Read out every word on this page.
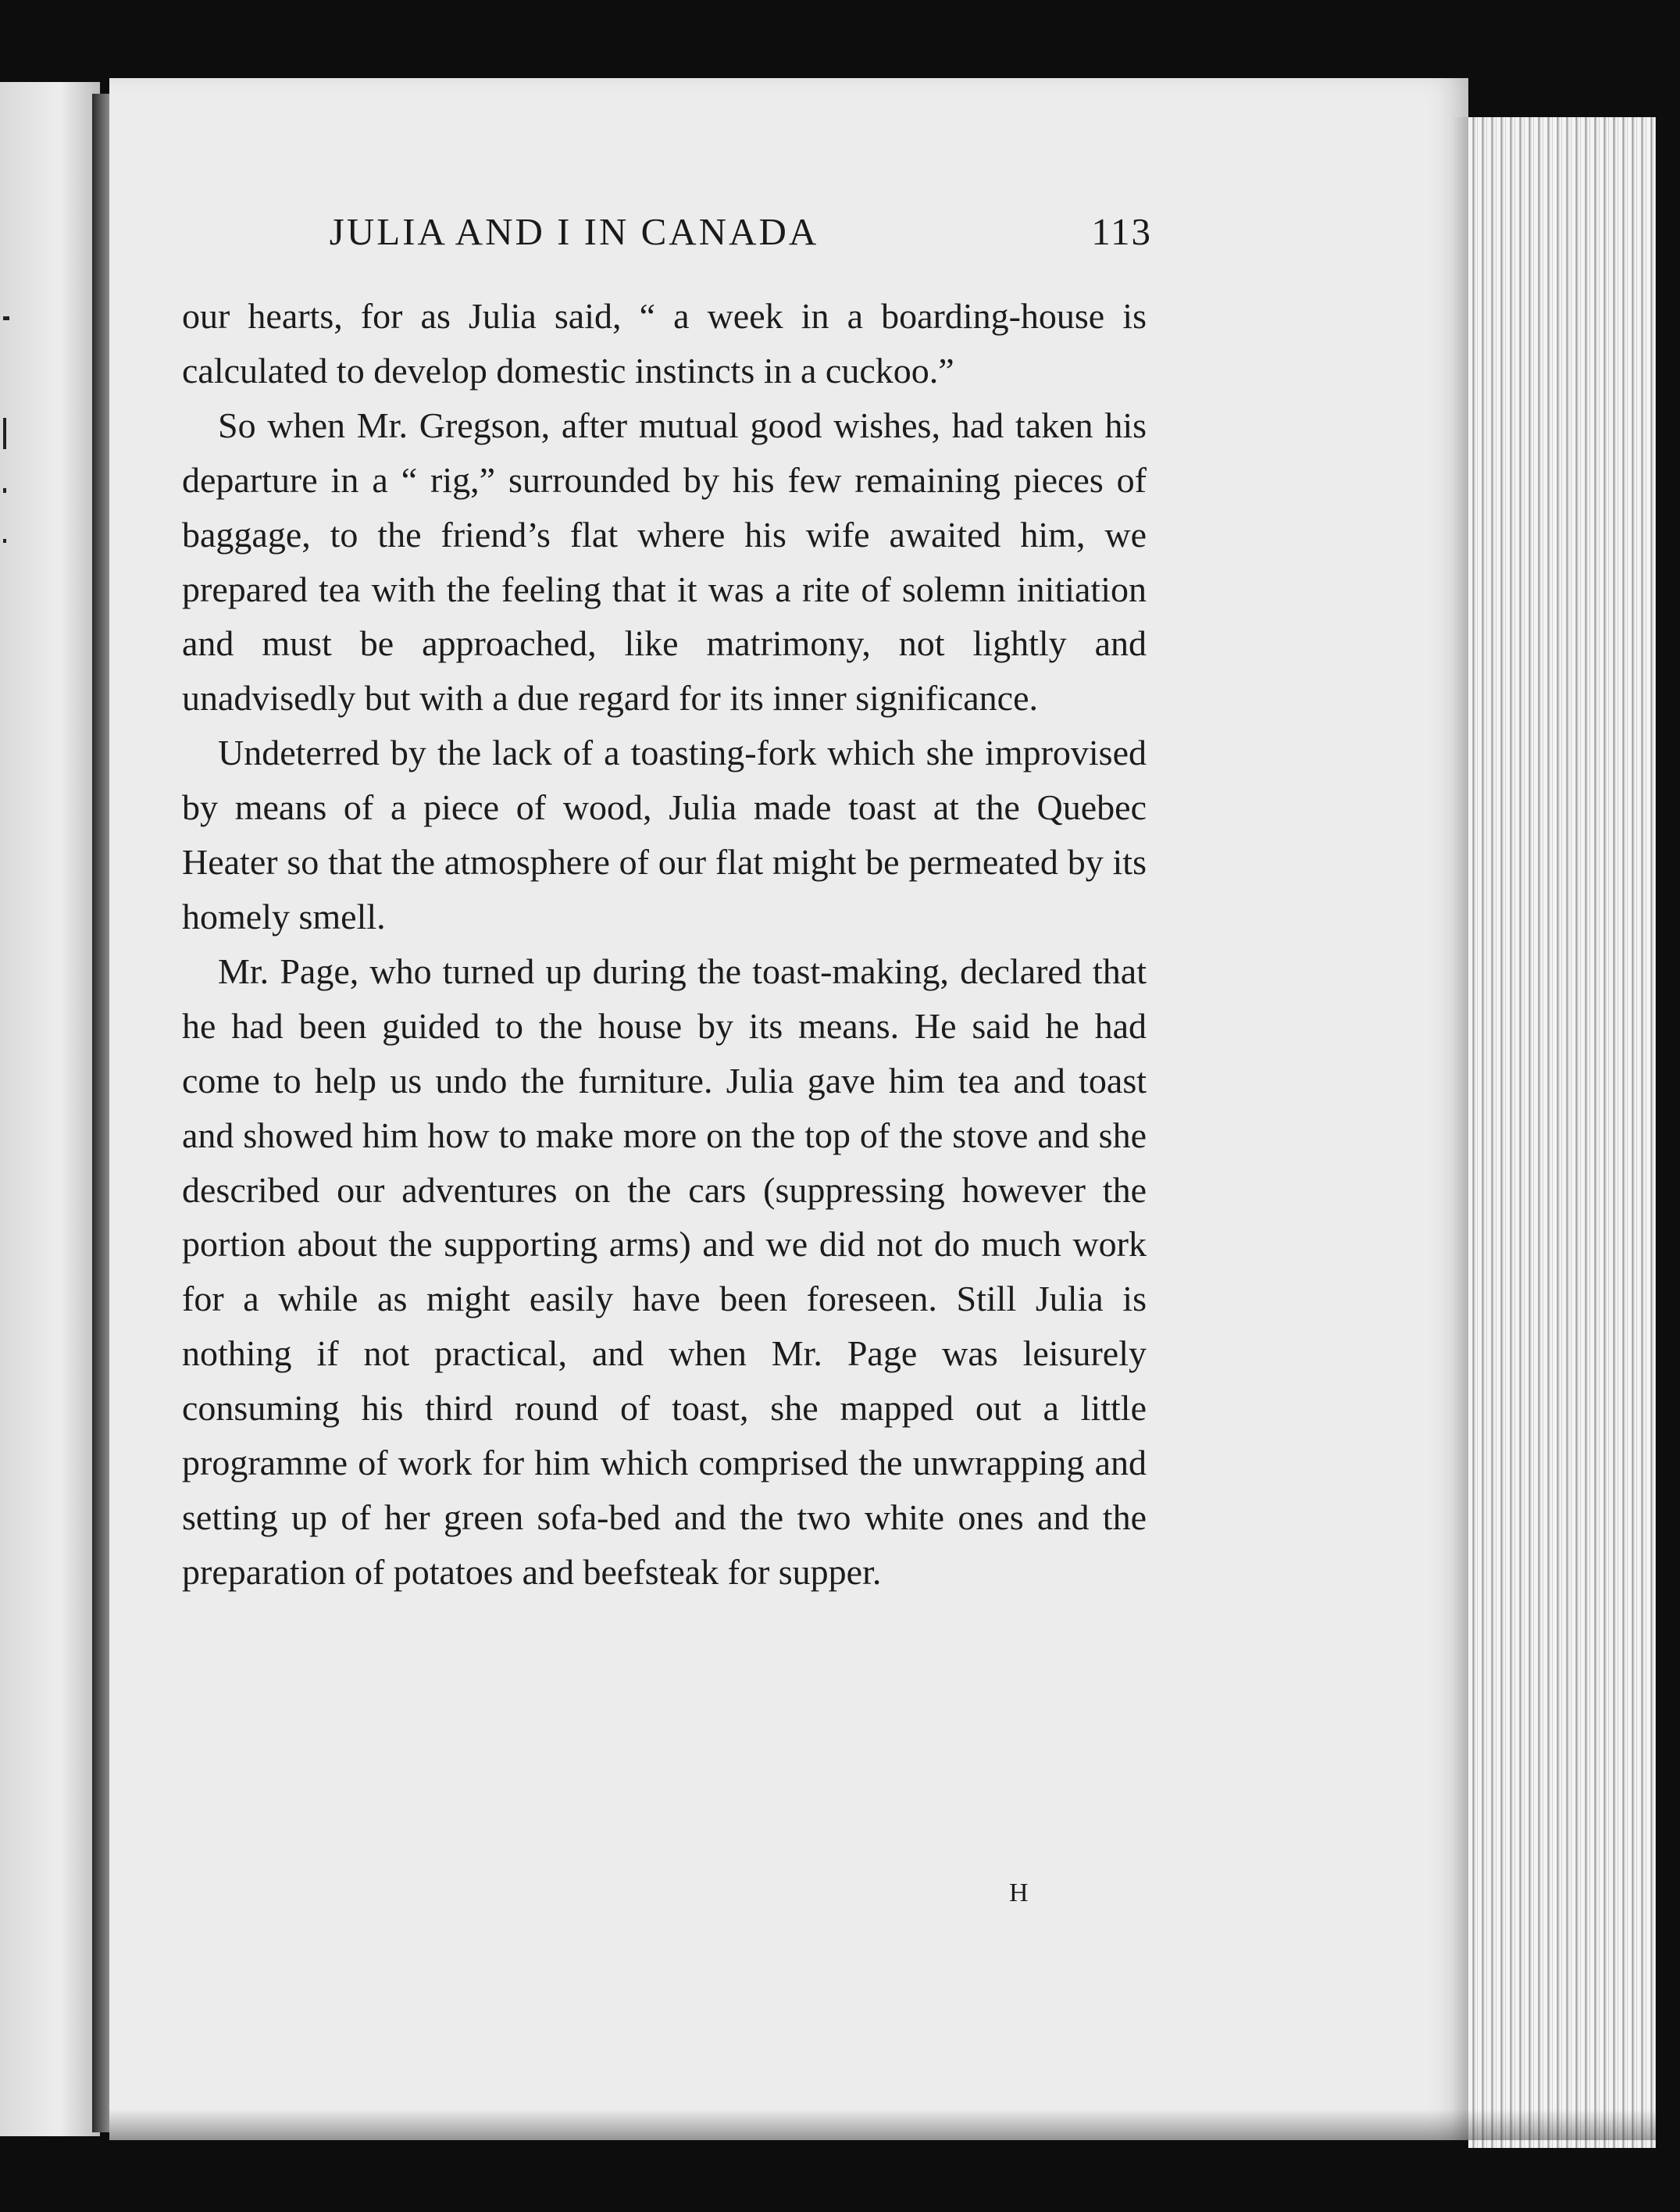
JULIA AND I IN CANADA	113

our hearts, for as Julia said, “ a week in a boarding-house is calculated to develop domestic instincts in a cuckoo.”

So when Mr. Gregson, after mutual good wishes, had taken his departure in a “ rig,” surrounded by his few remaining pieces of baggage, to the friend’s flat where his wife awaited him, we prepared tea with the feeling that it was a rite of solemn initiation and must be approached, like matrimony, not lightly and unadvisedly but with a due regard for its inner significance.

Undeterred by the lack of a toasting-fork which she improvised by means of a piece of wood, Julia made toast at the Quebec Heater so that the atmosphere of our flat might be permeated by its homely smell.

Mr. Page, who turned up during the toast-making, declared that he had been guided to the house by its means. He said he had come to help us undo the furniture. Julia gave him tea and toast and showed him how to make more on the top of the stove and she described our adventures on the cars (suppressing however the portion about the supporting arms) and we did not do much work for a while as might easily have been foreseen. Still Julia is nothing if not practical, and when Mr. Page was leisurely consuming his third round of toast, she mapped out a little programme of work for him which comprised the unwrapping and setting up of her green sofa-bed and the two white ones and the preparation of potatoes and beefsteak for supper.

H
